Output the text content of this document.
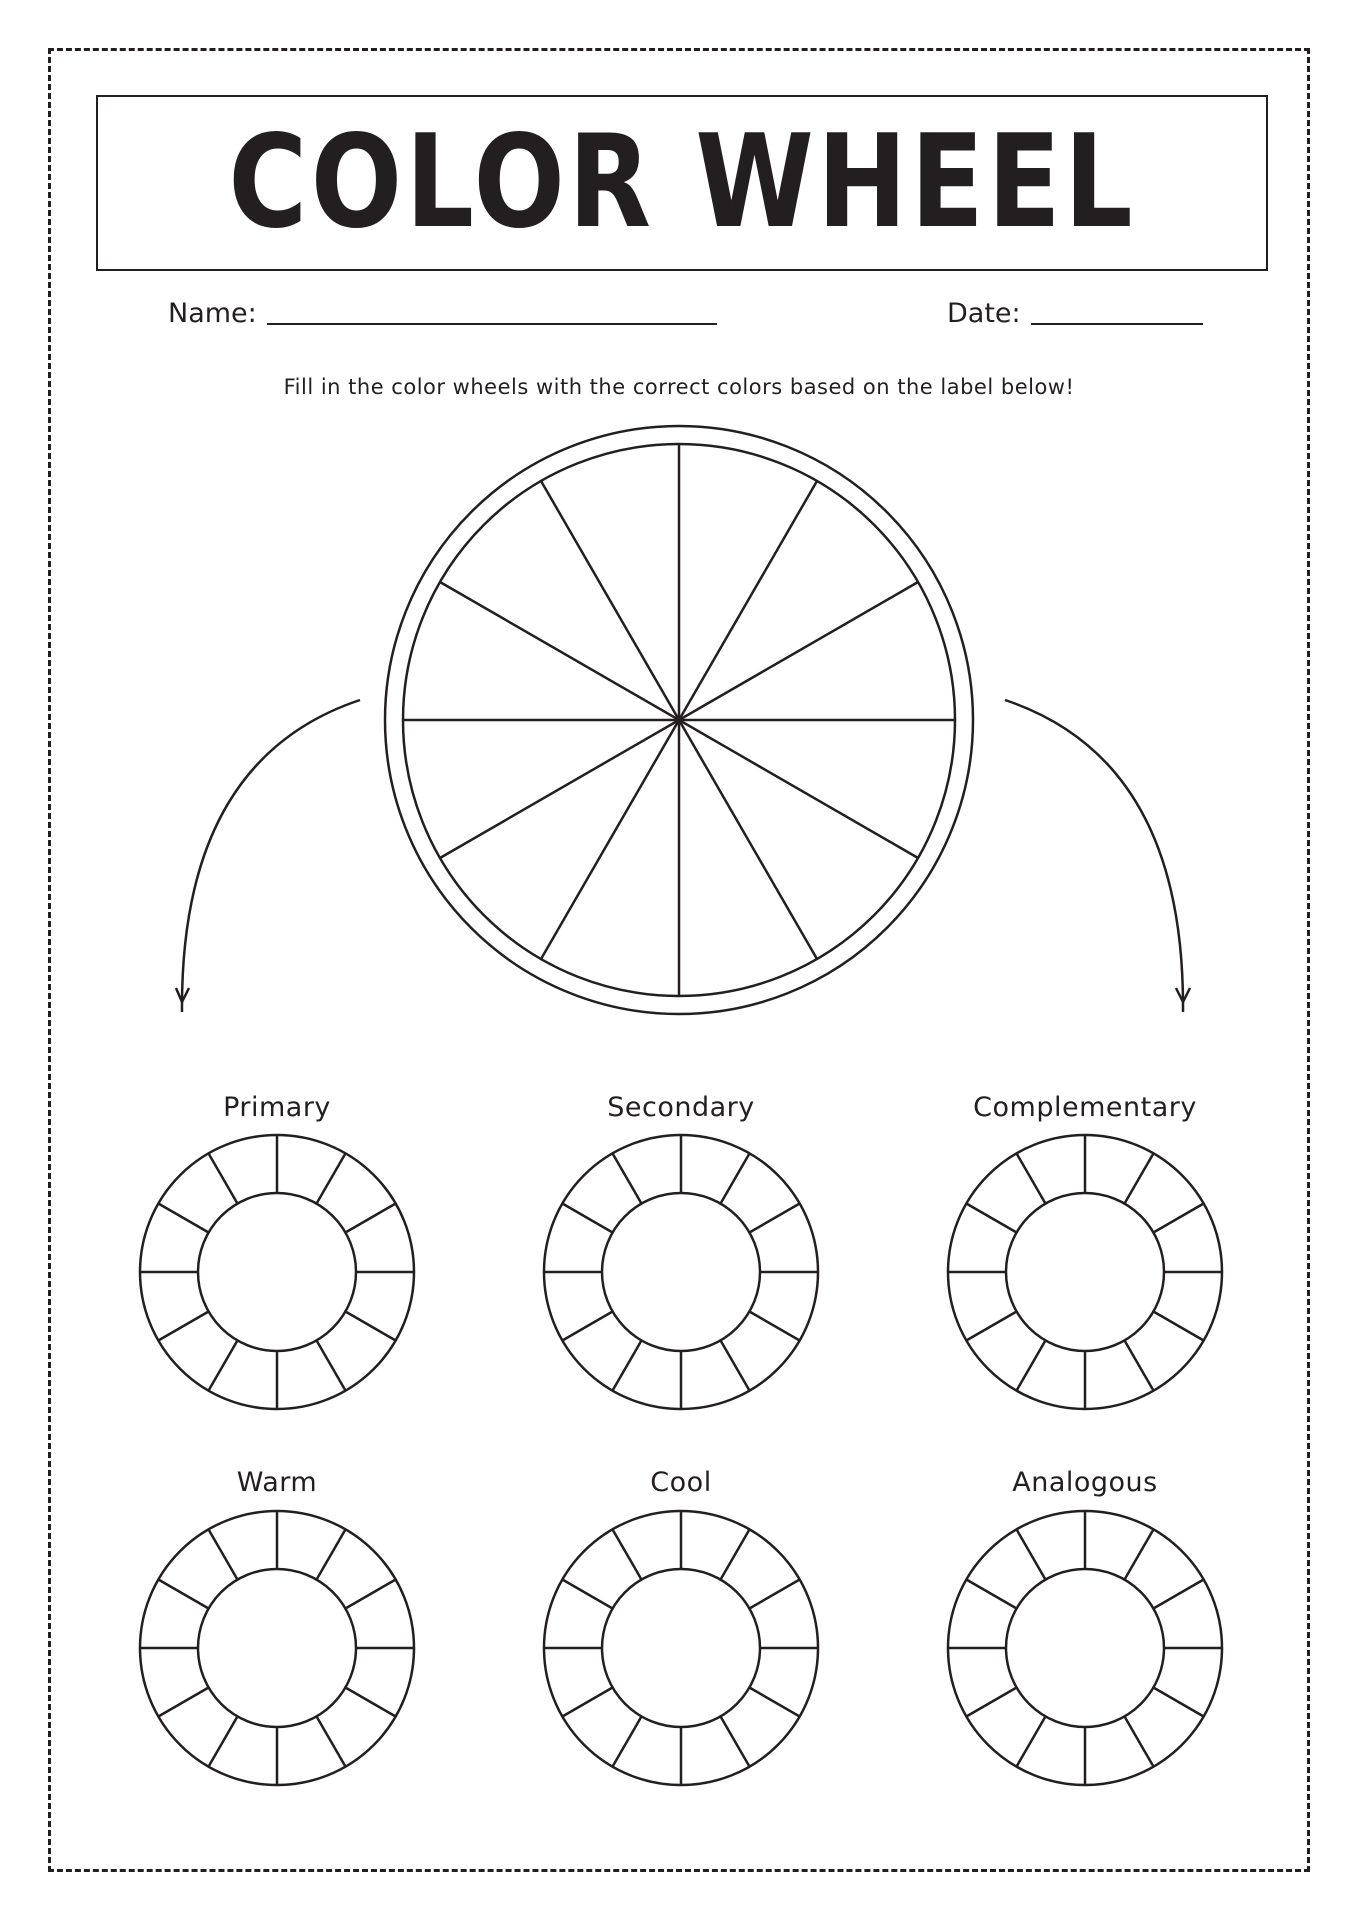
COLOR WHEEL
Name:	Date:
Fill in the color wheels with the correct colors based on the label below!
Primary	Secondary	Complementary
Warm	Cool	Analogous
